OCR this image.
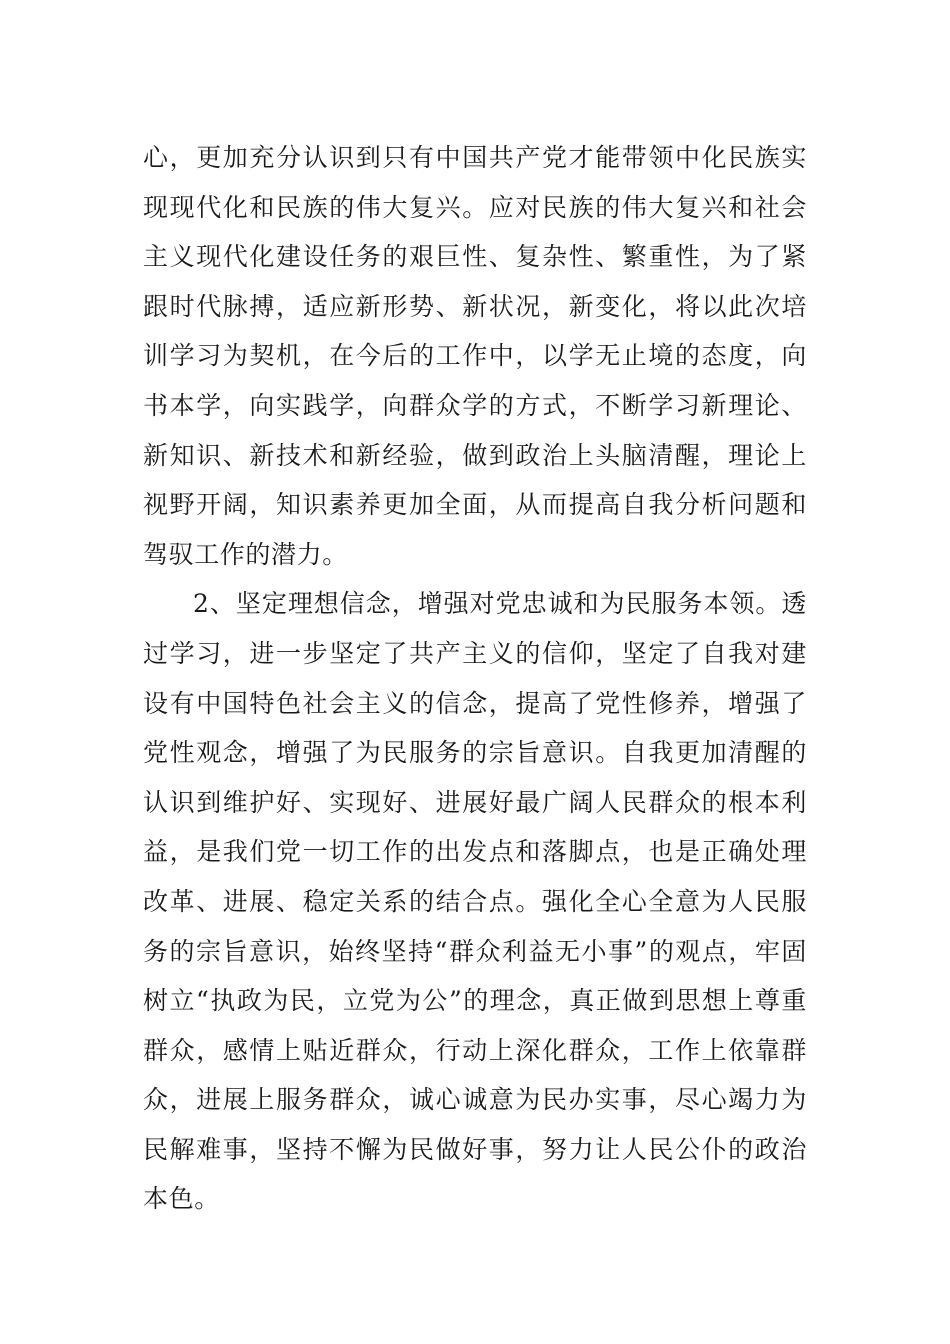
心，更加充分认识到只有中国共产党才能带领中化民族实现现代化和民族的伟大复兴。应对民族的伟大复兴和社会主义现代化建设任务的艰巨性、复杂性、繁重性，为了紧跟时代脉搏，适应新形势、新状况，新变化，将以此次培训学习为契机，在今后的工作中，以学无止境的态度，向书本学，向实践学，向群众学的方式，不断学习新理论、新知识、新技术和新经验，做到政治上头脑清醒，理论上视野开阔，知识素养更加全面，从而提高自我分析问题和驾驭工作的潜力。

2、坚定理想信念，增强对党忠诚和为民服务本领。透过学习，进一步坚定了共产主义的信仰，坚定了自我对建设有中国特色社会主义的信念，提高了党性修养，增强了党性观念，增强了为民服务的宗旨意识。自我更加清醒的认识到维护好、实现好、进展好最广阔人民群众的根本利益，是我们党一切工作的出发点和落脚点，也是正确处理改革、进展、稳定关系的结合点。强化全心全意为人民服务的宗旨意识，始终坚持“群众利益无小事”的观点，牢固树立“执政为民，立党为公”的理念，真正做到思想上尊重群众，感情上贴近群众，行动上深化群众，工作上依靠群众，进展上服务群众，诚心诚意为民办实事，尽心竭力为民解难事，坚持不懈为民做好事，努力让人民公仆的政治本色。
